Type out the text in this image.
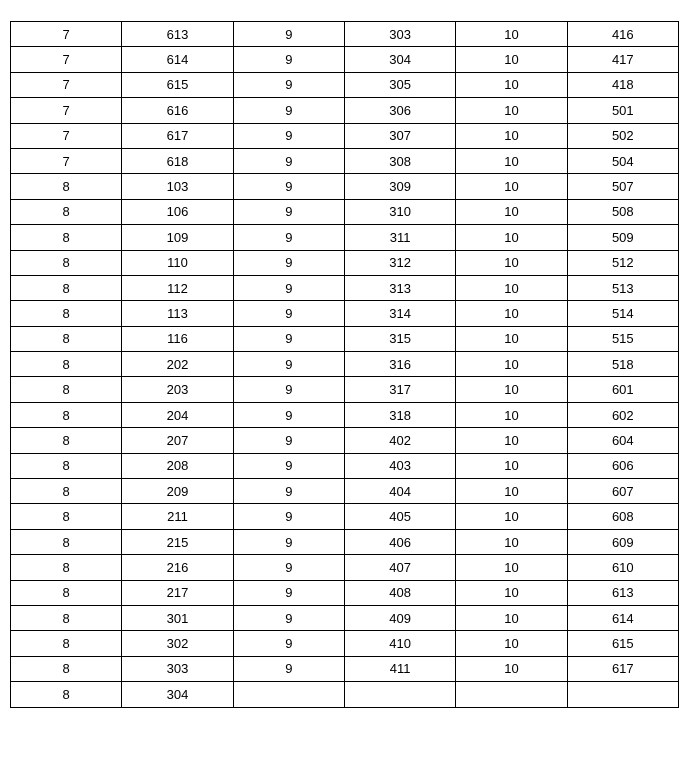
7	613	9	303	10	416
7	614	9	304	10	417
7	615	9	305	10	418
7	616	9	306	10	501
7	617	9	307	10	502
7	618	9	308	10	504
8	103	9	309	10	507
8	106	9	310	10	508
8	109	9	311	10	509
8	110	9	312	10	512
8	112	9	313	10	513
8	113	9	314	10	514
8	116	9	315	10	515
8	202	9	316	10	518
8	203	9	317	10	601
8	204	9	318	10	602
8	207	9	402	10	604
8	208	9	403	10	606
8	209	9	404	10	607
8	211	9	405	10	608
8	215	9	406	10	609
8	216	9	407	10	610
8	217	9	408	10	613
8	301	9	409	10	614
8	302	9	410	10	615
8	303	9	411	10	617
8	304				
